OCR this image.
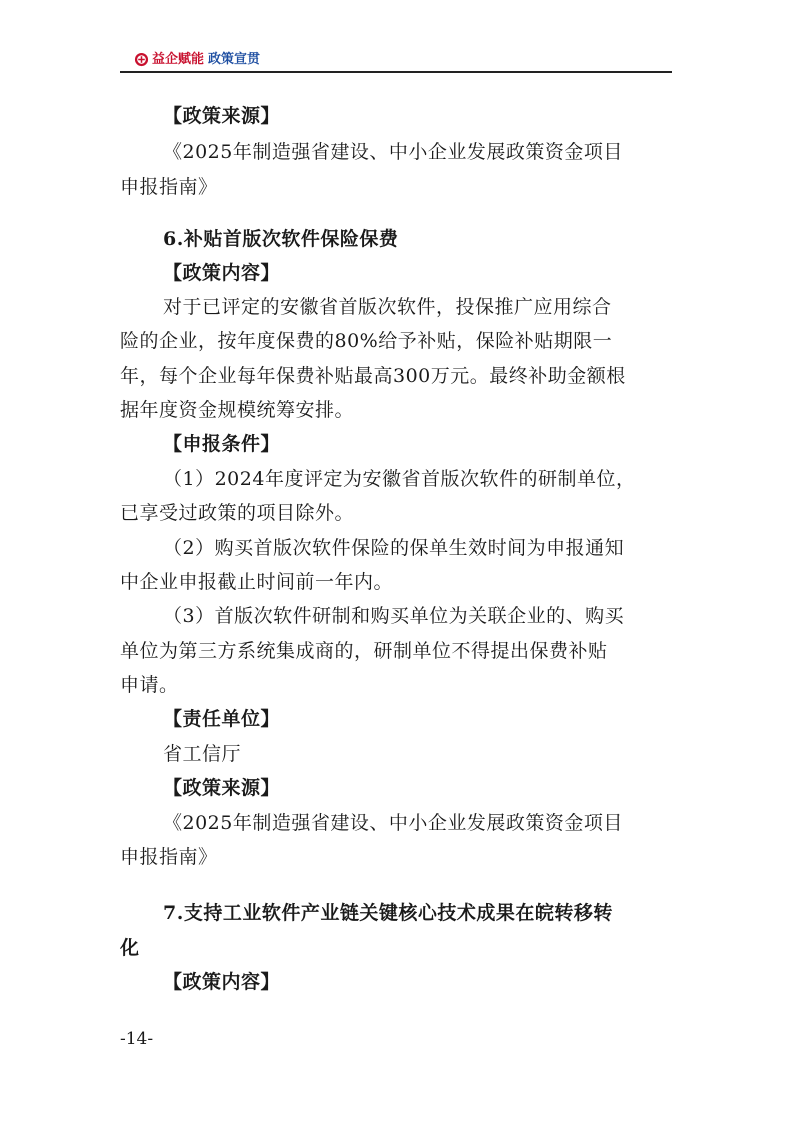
益企赋能 政策宣贯
【政策来源】
《2025年制造强省建设、中小企业发展政策资金项目
申报指南》
6.补贴首版次软件保险保费
【政策内容】
对于已评定的安徽省首版次软件，投保推广应用综合
险的企业，按年度保费的80%给予补贴，保险补贴期限一
年，每个企业每年保费补贴最高300万元。最终补助金额根
据年度资金规模统筹安排。
【申报条件】
（1）2024年度评定为安徽省首版次软件的研制单位，
已享受过政策的项目除外。
（2）购买首版次软件保险的保单生效时间为申报通知
中企业申报截止时间前一年内。
（3）首版次软件研制和购买单位为关联企业的、购买
单位为第三方系统集成商的，研制单位不得提出保费补贴
申请。
【责任单位】
省工信厅
【政策来源】
《2025年制造强省建设、中小企业发展政策资金项目
申报指南》
7.支持工业软件产业链关键核心技术成果在皖转移转
化
【政策内容】
-14-
